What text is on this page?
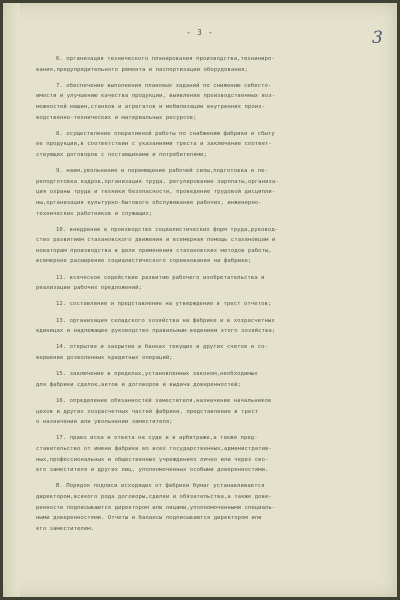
- 3 -	3
6. организация технического планирования производства,техниниро-
вания,предупредительного ремонта и паспортизации оборудования;
7. обеспечение выполнения плановых заданий по снижению себесто-
имости и улучшению качества продукции, выявление производственных воз-
можностей машин,станков и агрегатов и мобилизации внутренних произ-
водственно-технических и материальных ресурсов;
8. осуществление оперативной работы по снабжению фабрики и сбыту
ее продукции,в соответствии с указаниями треста и заключение соответ-
ствующих договоров с поставщиками и потребителями;
9. наем,увольнение и перемещение рабочей силы,подготовка и пе-
реподготовка кадров,организация труда, регулирование зарплаты,организа-
ция охраны труда и техники безопасности, проведение трудовой дисципли-
ны,организация культурно-бытового обслуживания рабочих, инженерно-
технических работников и служащих;
10. внедрение в производство социалистических форм труда,руковод-
ство развитием стахановского движения и всемерная помощь стахановцам и
новаторам производства в деле применения стахановских методов работы,
всемерное расширение социалистического соревнования на фабрике;
11. всяческое содействие развитию рабочего изобретательства и
реализации рабочих предложений;
12. составление и представление на утверждение в трест отчетов;
13. организация складского хозяйства на фабрике и в хозрасчетных
единицах и надлежащее руководство правильным ведением этого хозяйства;
14. открытие и закрытие в банках текущих и других счетов и со-
вершение дозволенных кредитных операций;
15. заключение в пределах,установленных законом,необходимых
для фабрики сделок,актов и договоров и выдача доверенностей;
16. определение обязанностей заместителя,назначение начальников
цехов и других хозрасчетных частей фабрики, представление в трест
о назначении или увольнении заместителя;
17. право иска и ответа на суде и в арбитраже,а также пред-
ставительство от имени фабрики во всех государственных,административ-
ных,профессиональных и общественных учреждениях лично или через сво-
его заместителя и других лиц, уполномоченных особыми доверенностями.
В. Порядок подписи исходящих от фабрики бумаг устанавливается
директором,всякого рода договоры,сделки и обязательства,а также дове-
ренности подписываются директором или лицами,уполномоченными специаль-
ными доверенностями. Отчеты и балансы подписываются директором или
его заместителем.
